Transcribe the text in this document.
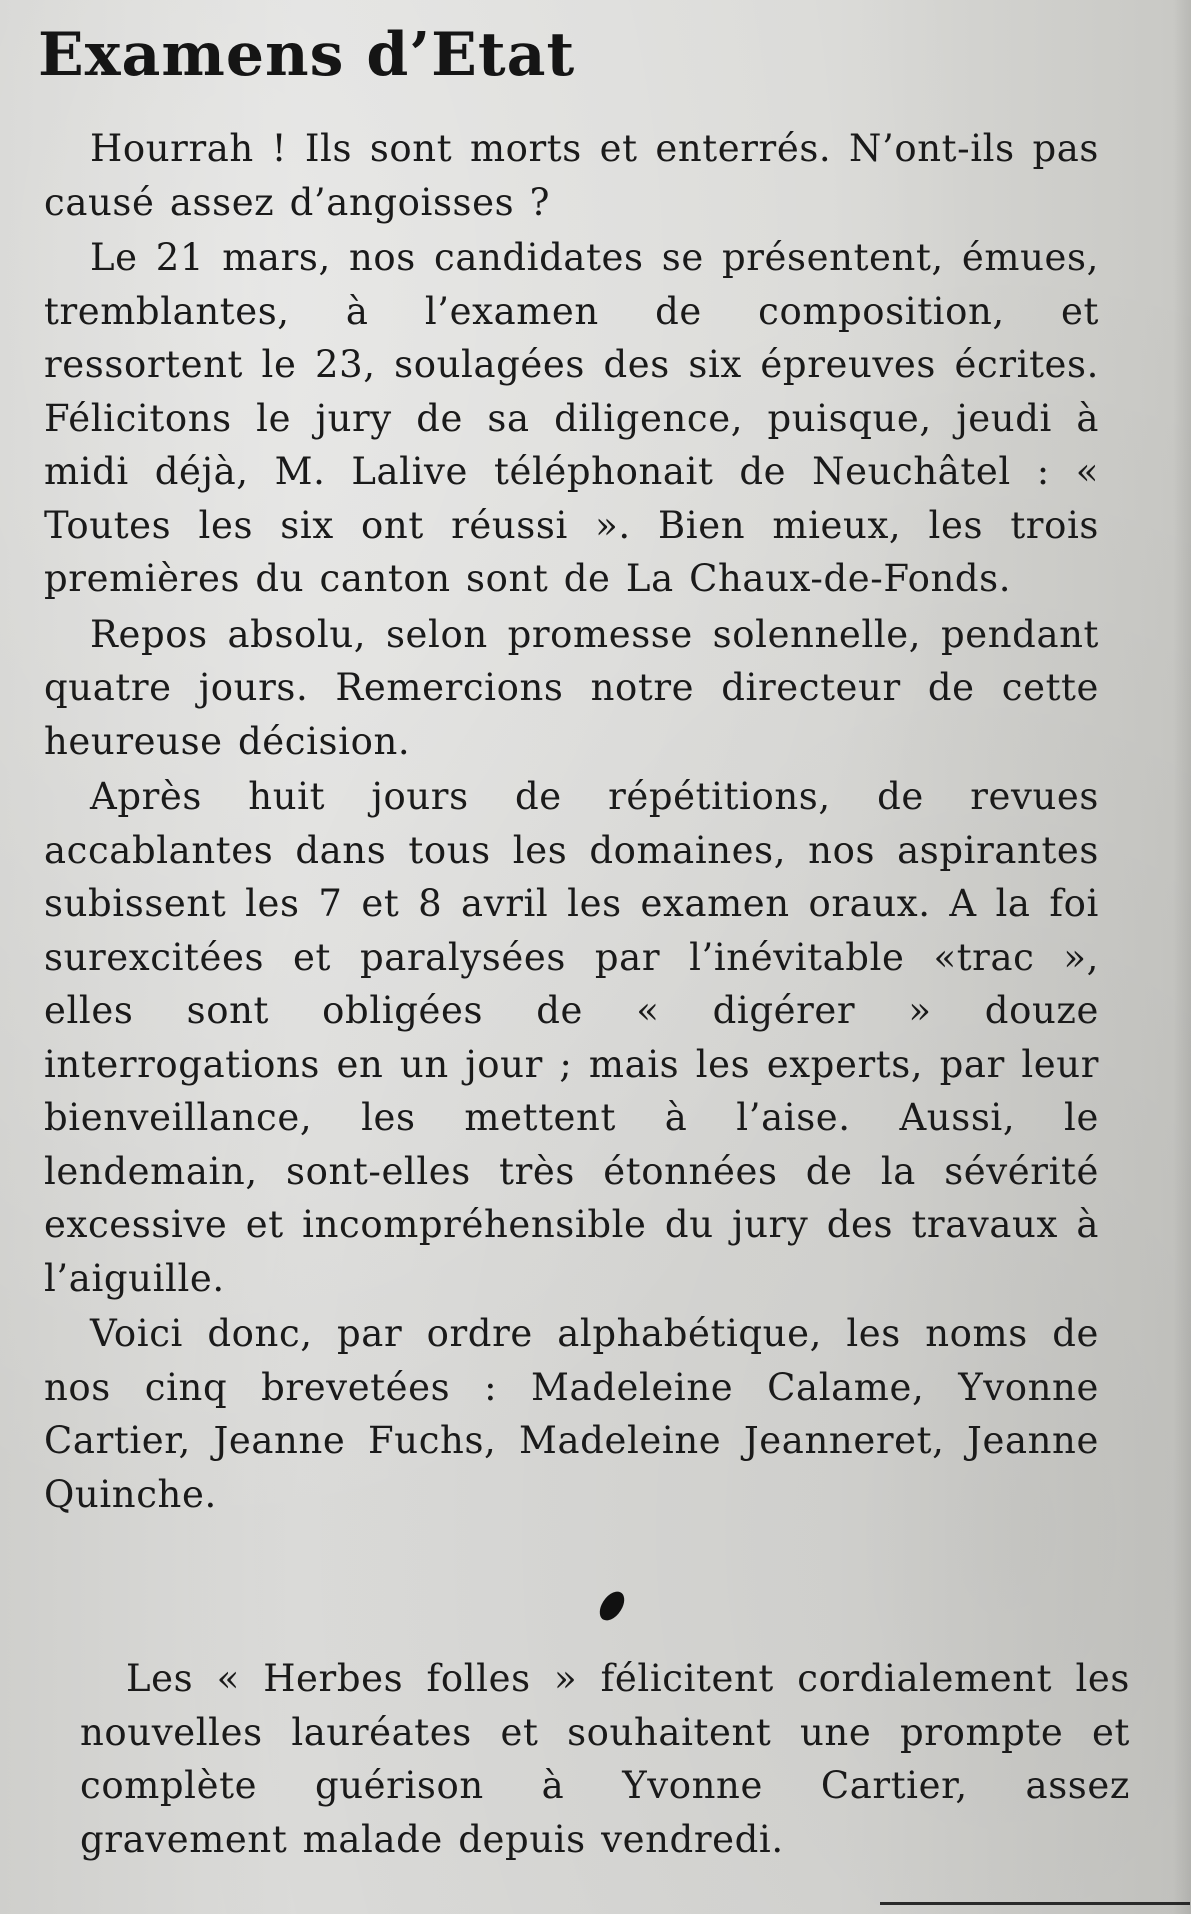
Examens d’Etat

Hourrah ! Ils sont morts et enterrés. N’ont-ils pas causé assez d’angoisses ?

Le 21 mars, nos candidates se présentent, émues, tremblantes, à l’examen de composition, et ressortent le 23, soulagées des six épreuves écrites. Félicitons le jury de sa diligence, puisque, jeudi à midi déjà, M. Lalive téléphonait de Neuchâtel : « Toutes les six ont réussi ». Bien mieux, les trois premières du canton sont de La Chaux-de-Fonds.

Repos absolu, selon promesse solennelle, pendant quatre jours. Remercions notre directeur de cette heureuse décision.

Après huit jours de répétitions, de revues accablantes dans tous les domaines, nos aspirantes subissent les 7 et 8 avril les examen oraux. A la foi surexcitées et paralysées par l’inévitable «trac », elles sont obligées de « digérer » douze interrogations en un jour ; mais les experts, par leur bienveillance, les mettent à l’aise. Aussi, le lendemain, sont-elles très étonnées de la sévérité excessive et incompréhensible du jury des travaux à l’aiguille.

Voici donc, par ordre alphabétique, les noms de nos cinq brevetées : Madeleine Calame, Yvonne Cartier, Jeanne Fuchs, Madeleine Jeanneret, Jeanne Quinche.

Les « Herbes folles » félicitent cordialement les nouvelles lauréates et souhaitent une prompte et complète guérison à Yvonne Cartier, assez gravement malade depuis vendredi.
